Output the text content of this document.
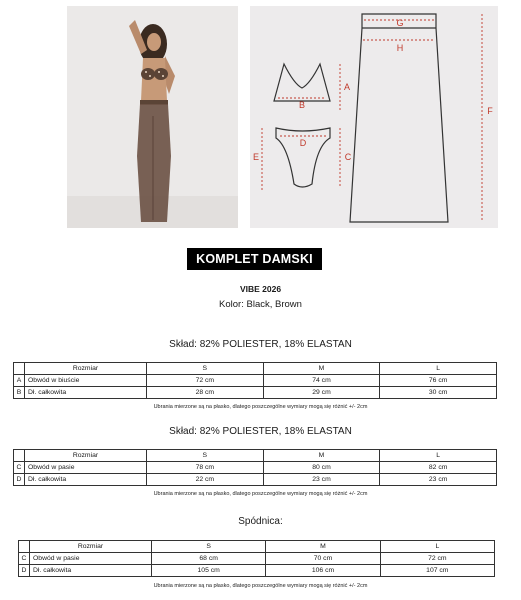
A
B
C
D
E
F
G
H
KOMPLET DAMSKI
VIBE 2026
Kolor: Black, Brown
Skład: 82% POLIESTER, 18% ELASTAN
	Rozmiar	S	M	L
A	Obwód w biuście	72 cm	74 cm	76 cm
B	Dł. całkowita	28 cm	29 cm	30 cm
Ubrania mierzone są na płasko, dlatego poszczególne wymiary mogą się różnić +/- 2cm
Skład: 82% POLIESTER, 18% ELASTAN
	Rozmiar	S	M	L
C	Obwód w pasie	78 cm	80 cm	82 cm
D	Dł. całkowita	22 cm	23 cm	23 cm
Ubrania mierzone są na płasko, dlatego poszczególne wymiary mogą się różnić +/- 2cm
Spódnica:
	Rozmiar	S	M	L
C	Obwód w pasie	68 cm	70 cm	72 cm
D	Dł. całkowita	105 cm	106 cm	107 cm
Ubrania mierzone są na płasko, dlatego poszczególne wymiary mogą się różnić +/- 2cm
